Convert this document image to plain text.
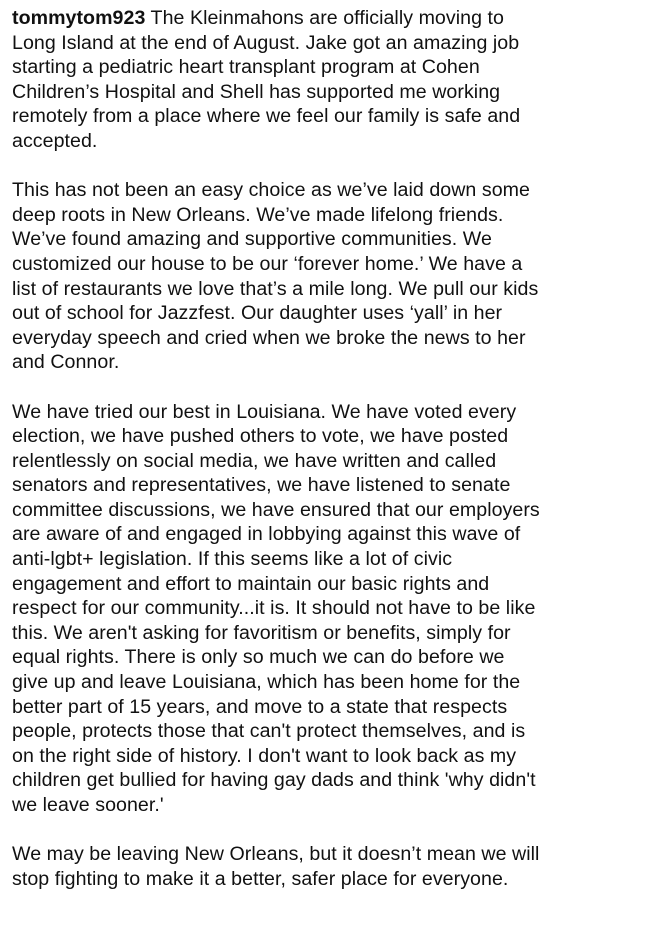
tommytom923 The Kleinmahons are officially moving to
Long Island at the end of August. Jake got an amazing job
starting a pediatric heart transplant program at Cohen
Children’s Hospital and Shell has supported me working
remotely from a place where we feel our family is safe and
accepted.

This has not been an easy choice as we’ve laid down some
deep roots in New Orleans. We’ve made lifelong friends.
We’ve found amazing and supportive communities. We
customized our house to be our ‘forever home.’ We have a
list of restaurants we love that’s a mile long. We pull our kids
out of school for Jazzfest. Our daughter uses ‘yall’ in her
everyday speech and cried when we broke the news to her
and Connor.

We have tried our best in Louisiana. We have voted every
election, we have pushed others to vote, we have posted
relentlessly on social media, we have written and called
senators and representatives, we have listened to senate
committee discussions, we have ensured that our employers
are aware of and engaged in lobbying against this wave of
anti-lgbt+ legislation. If this seems like a lot of civic
engagement and effort to maintain our basic rights and
respect for our community...it is. It should not have to be like
this. We aren't asking for favoritism or benefits, simply for
equal rights. There is only so much we can do before we
give up and leave Louisiana, which has been home for the
better part of 15 years, and move to a state that respects
people, protects those that can't protect themselves, and is
on the right side of history. I don't want to look back as my
children get bullied for having gay dads and think 'why didn't
we leave sooner.'

We may be leaving New Orleans, but it doesn’t mean we will
stop fighting to make it a better, safer place for everyone.
